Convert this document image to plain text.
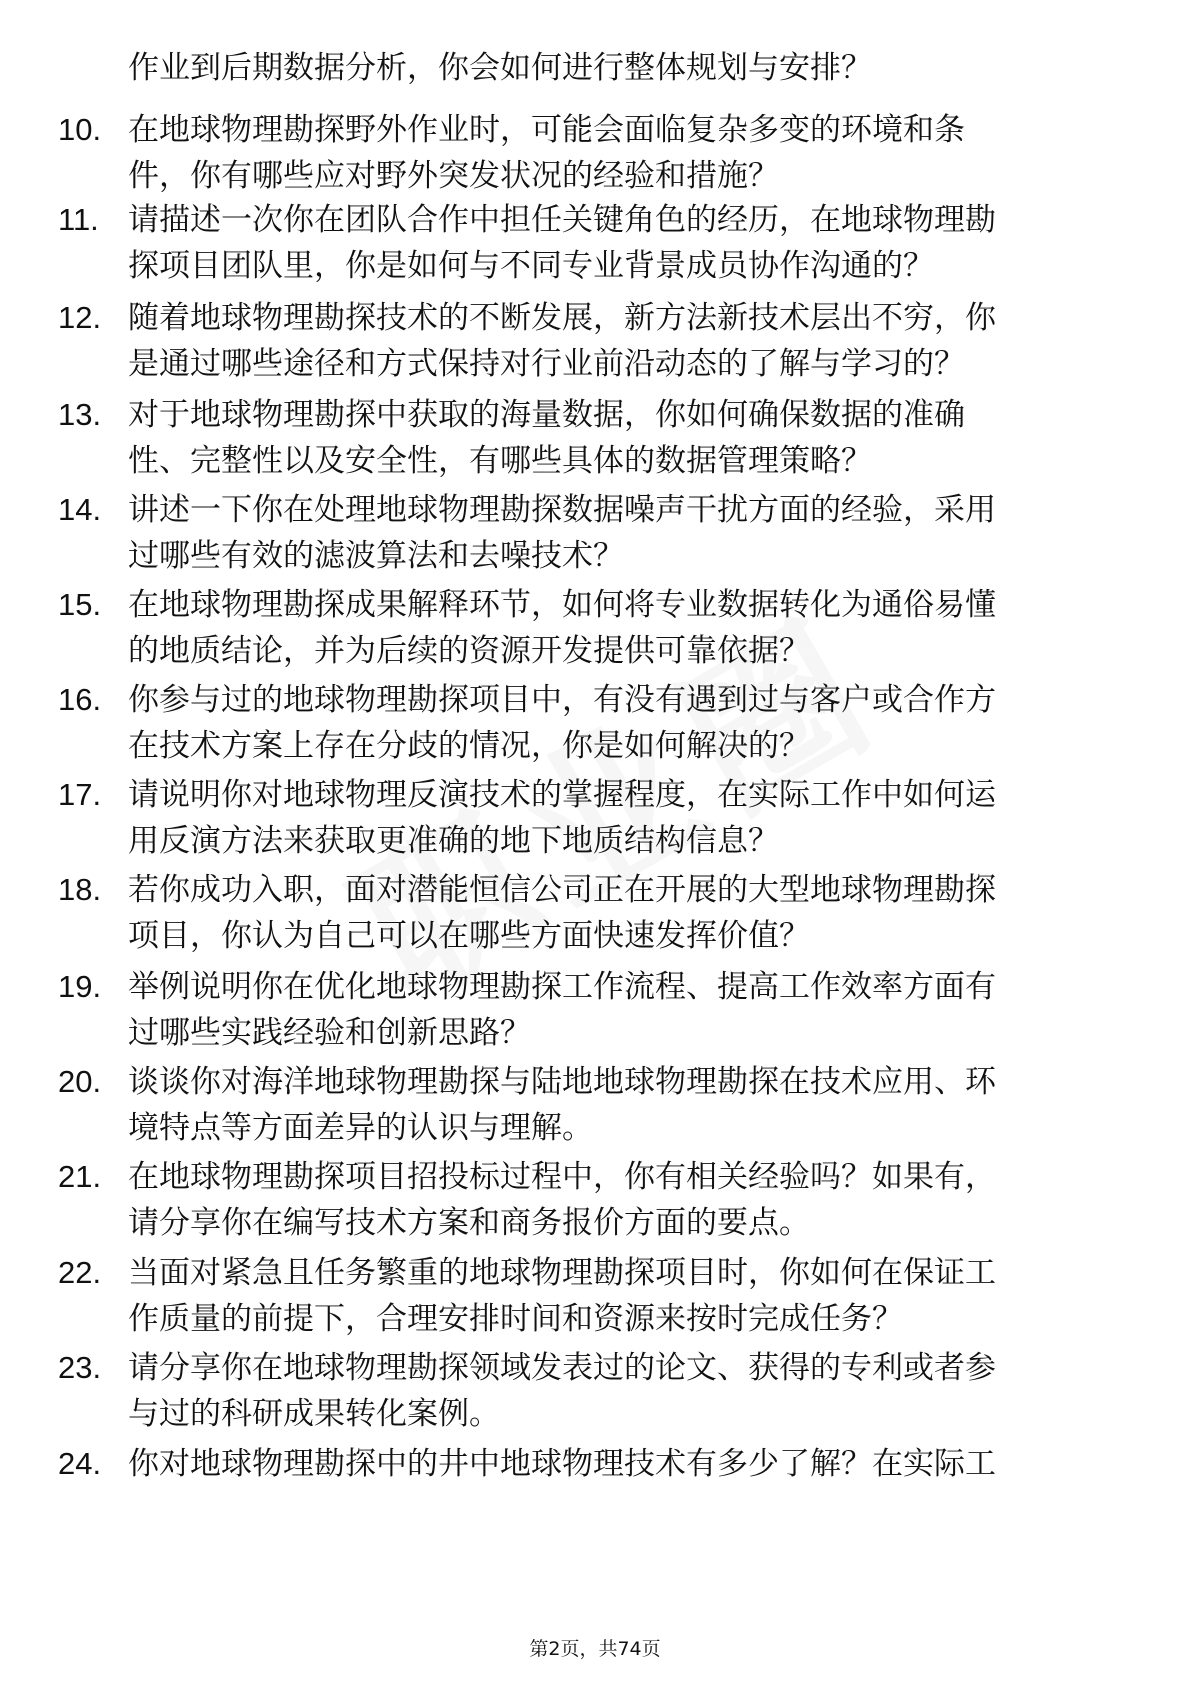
作业到后期数据分析，你会如何进行整体规划与安排？
10. 在地球物理勘探野外作业时，可能会面临复杂多变的环境和条
件，你有哪些应对野外突发状况的经验和措施？
11. 请描述一次你在团队合作中担任关键角色的经历，在地球物理勘
探项目团队里，你是如何与不同专业背景成员协作沟通的？
12. 随着地球物理勘探技术的不断发展，新方法新技术层出不穷，你
是通过哪些途径和方式保持对行业前沿动态的了解与学习的？
13. 对于地球物理勘探中获取的海量数据，你如何确保数据的准确
性、完整性以及安全性，有哪些具体的数据管理策略？
14. 讲述一下你在处理地球物理勘探数据噪声干扰方面的经验，采用
过哪些有效的滤波算法和去噪技术？
15. 在地球物理勘探成果解释环节，如何将专业数据转化为通俗易懂
的地质结论，并为后续的资源开发提供可靠依据？
16. 你参与过的地球物理勘探项目中，有没有遇到过与客户或合作方
在技术方案上存在分歧的情况，你是如何解决的？
17. 请说明你对地球物理反演技术的掌握程度，在实际工作中如何运
用反演方法来获取更准确的地下地质结构信息？
18. 若你成功入职，面对潜能恒信公司正在开展的大型地球物理勘探
项目，你认为自己可以在哪些方面快速发挥价值？
19. 举例说明你在优化地球物理勘探工作流程、提高工作效率方面有
过哪些实践经验和创新思路？
20. 谈谈你对海洋地球物理勘探与陆地地球物理勘探在技术应用、环
境特点等方面差异的认识与理解。
21. 在地球物理勘探项目招投标过程中，你有相关经验吗？如果有，
请分享你在编写技术方案和商务报价方面的要点。
22. 当面对紧急且任务繁重的地球物理勘探项目时，你如何在保证工
作质量的前提下，合理安排时间和资源来按时完成任务？
23. 请分享你在地球物理勘探领域发表过的论文、获得的专利或者参
与过的科研成果转化案例。
24. 你对地球物理勘探中的井中地球物理技术有多少了解？在实际工
第2页，共74页
